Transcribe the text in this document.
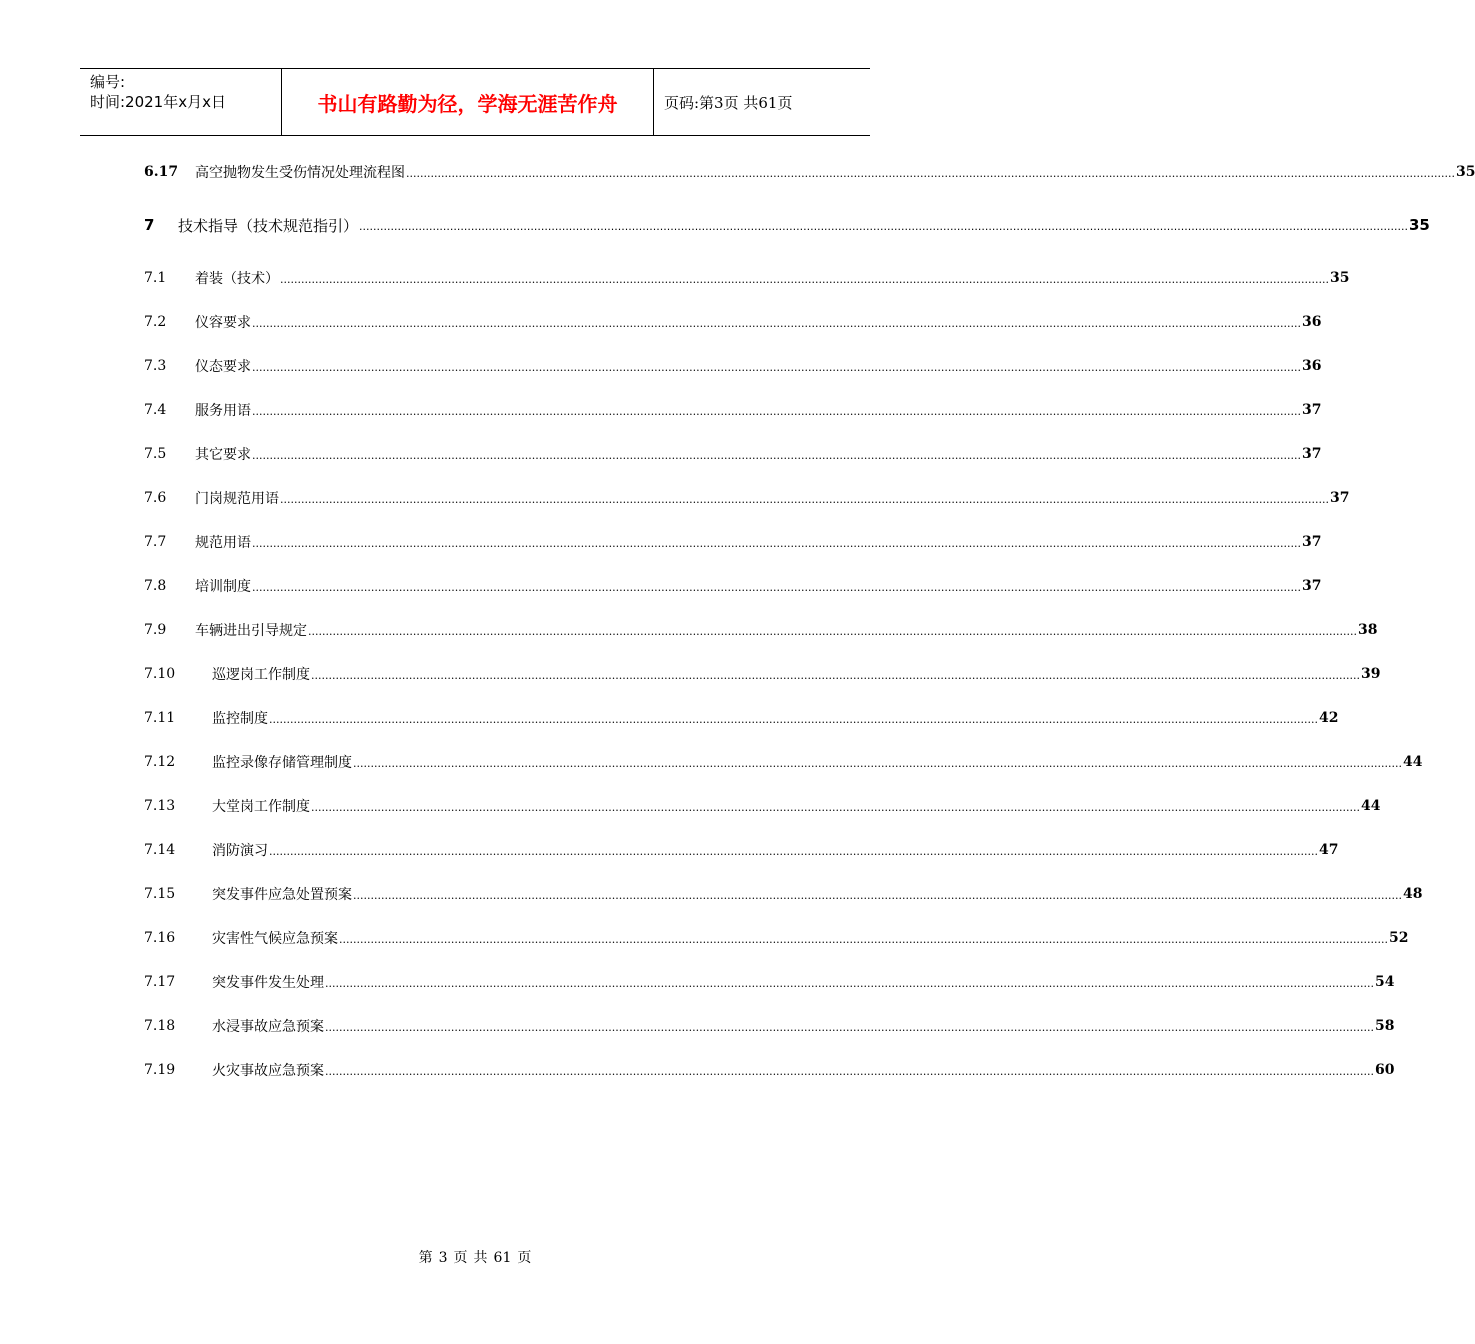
编号:
时间:2021年x月x日	书山有路勤为径，学海无涯苦作舟	页码:第3页 共61页
6.17	高空抛物发生受伤情况处理流程图 ............................................................................................................................................................................................................................................................................................................ 35
7	技术指导（技术规范指引） ............................................................................................................................................................................................................................................................................................................ 35
7.1	着装（技术） ............................................................................................................................................................................................................................................................................................................ 35
7.2	仪容要求 ............................................................................................................................................................................................................................................................................................................ 36
7.3	仪态要求 ............................................................................................................................................................................................................................................................................................................ 36
7.4	服务用语 ............................................................................................................................................................................................................................................................................................................ 37
7.5	其它要求 ............................................................................................................................................................................................................................................................................................................ 37
7.6	门岗规范用语 ............................................................................................................................................................................................................................................................................................................ 37
7.7	规范用语 ............................................................................................................................................................................................................................................................................................................ 37
7.8	培训制度 ............................................................................................................................................................................................................................................................................................................ 37
7.9	车辆进出引导规定 ............................................................................................................................................................................................................................................................................................................ 38
7.10	巡逻岗工作制度 ............................................................................................................................................................................................................................................................................................................ 39
7.11	监控制度 ............................................................................................................................................................................................................................................................................................................ 42
7.12	监控录像存储管理制度 ............................................................................................................................................................................................................................................................................................................ 44
7.13	大堂岗工作制度 ............................................................................................................................................................................................................................................................................................................ 44
7.14	消防演习 ............................................................................................................................................................................................................................................................................................................ 47
7.15	突发事件应急处置预案 ............................................................................................................................................................................................................................................................................................................ 48
7.16	灾害性气候应急预案 ............................................................................................................................................................................................................................................................................................................ 52
7.17	突发事件发生处理 ............................................................................................................................................................................................................................................................................................................ 54
7.18	水浸事故应急预案 ............................................................................................................................................................................................................................................................................................................ 58
7.19	火灾事故应急预案 ............................................................................................................................................................................................................................................................................................................ 60
第 3 页 共 61 页
